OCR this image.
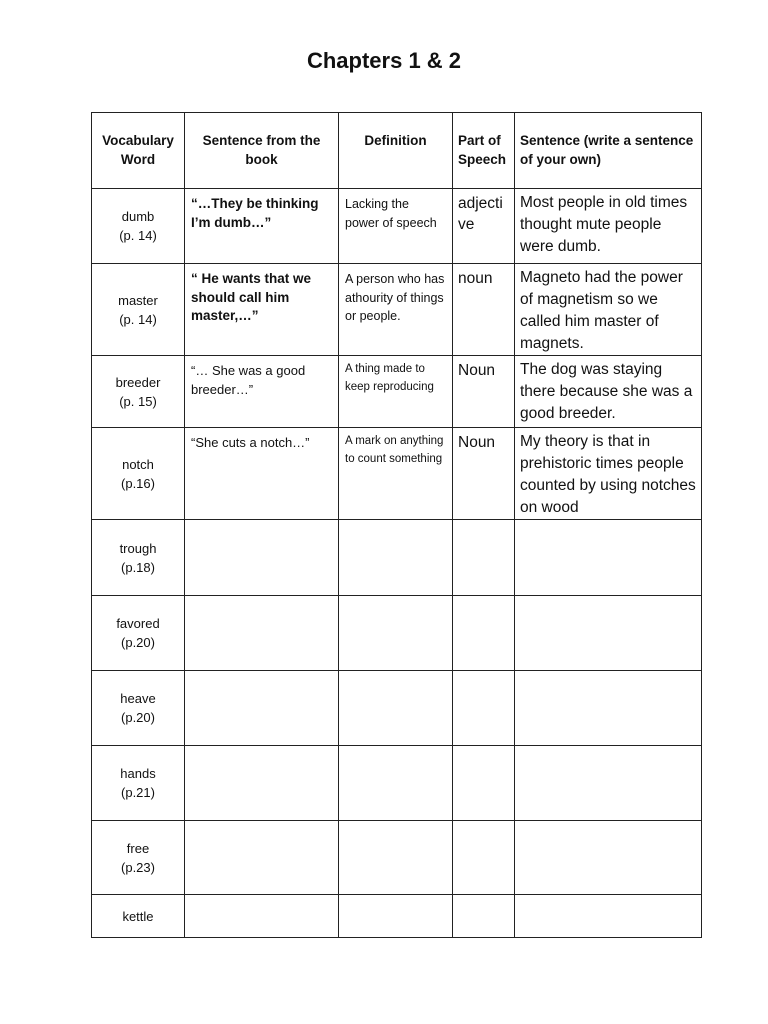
Chapters 1 & 2
Vocabulary Word	Sentence from the book	Definition	Part of Speech	Sentence (write a sentence of your own)

dumb
(p. 14)	“…They be thinking I’m dumb…”	Lacking the power of speech	adjective	Most people in old times thought mute people were dumb.

master
(p. 14)	“ He wants that we should call him master,…”	A person who has athourity of things or people.	noun	Magneto had the power of magnetism so we called him master of magnets.

breeder
(p. 15)	“… She was a good breeder…”	A thing made to keep reproducing	Noun	The dog was staying there because she was a good breeder.

notch
(p.16)	“She cuts a notch…”	A mark on anything to count something	Noun	My theory is that in prehistoric times people counted by using notches on wood

trough
(p.18)				

favored
(p.20)				

heave
(p.20)				

hands
(p.21)				

free
(p.23)				

kettle				
